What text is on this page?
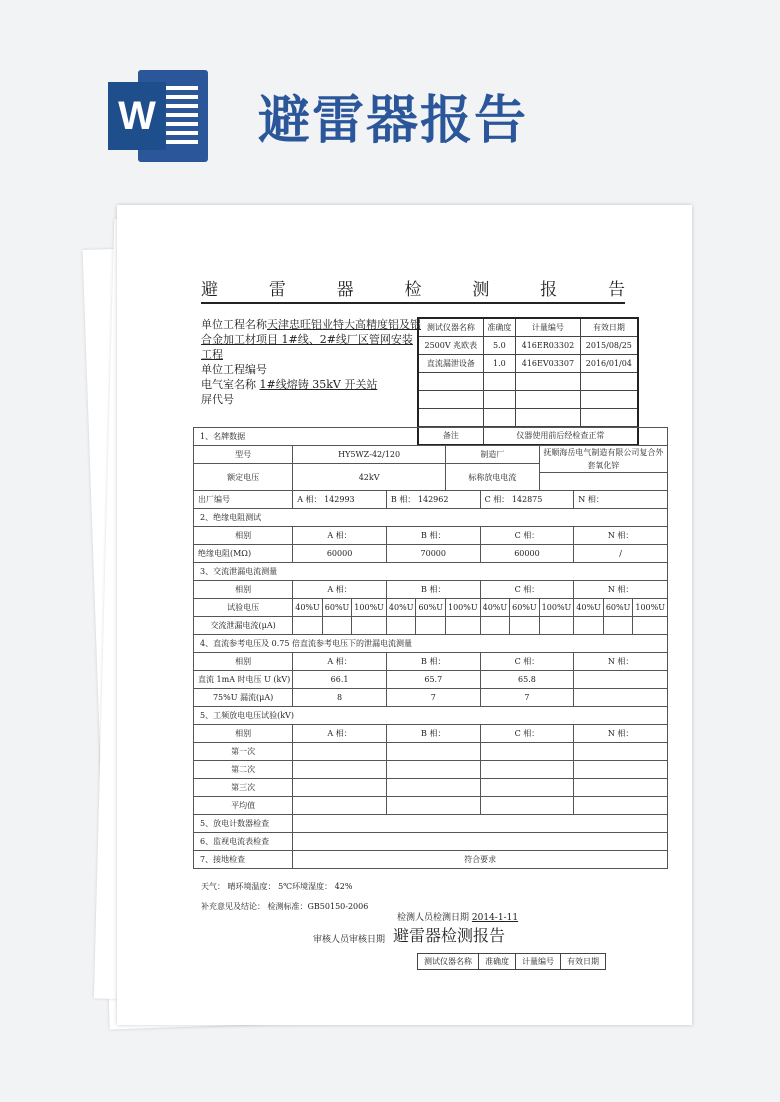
W 避雷器报告
避	雷	器	检	测	报	告
单位工程名称天津忠旺铝业特大高精度铝及铝合金加工材项目 1#线、2#线厂区管网安装工程
单位工程编号
电气室名称 1#线熔铸 35kV 开关站
屏代号
测试仪器名称	准确度	计量编号	有效日期
2500V 兆欧表	5.0	416ER03302	2015/08/25
直流漏泄设备	1.0	416EV03307	2016/01/04

备注	仪器使用前后经检查正常		
1、名牌数据												
型号	HY5WZ-42/120					制造厂			抚顺海岳电气制造有限公司复合外套氧化锌			
额定电压	42kV					标称放电电流						

出厂编号	A 相： 142993			B 相： 142962			C 相： 142875			N 相：		
2、绝缘电阻测试												
相别	A 相：			B 相：			C 相：			N 相：		
绝缘电阻(MΩ)	60000			70000			60000			/		
3、交流泄漏电流测量												
相别	A 相：			B 相：			C 相：			N 相：		
试验电压	40%U	60%U	100%U	40%U	60%U	100%U	40%U	60%U	100%U	40%U	60%U	100%U
交流泄漏电流(μA)												
4、直流参考电压及 0.75 倍直流参考电压下的泄漏电流测量												
相别	A 相：			B 相：			C 相：			N 相：		
直流 1mA 时电压 U (kV)	66.1			65.7			65.8					
75%U 漏流(μA)	8			7			7					
5、工频放电电压试验(kV)												
相别	A 相：			B 相：			C 相：			N 相：		
第一次												
第二次												
第三次												
平均值												
5、放电计数器检查												
6、监视电流表检查												
7、接地检查	符合要求											
天气： 晴环境温度： 5℃环境湿度： 42%
补充意见及结论： 检测标准：GB50150-2006
检测人员检测日期 2014-1-11
审核人员审核日期 避雷器检测报告
测试仪器名称	准确度	计量编号	有效日期
